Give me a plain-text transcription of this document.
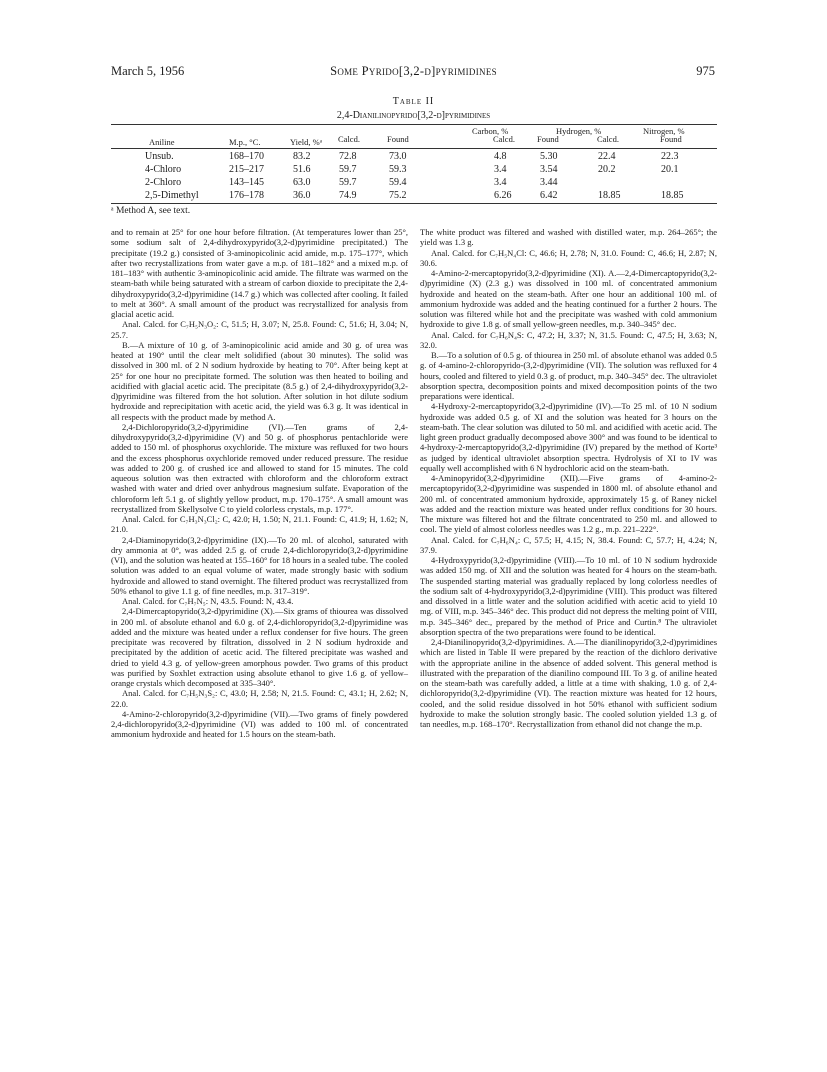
March 5, 1956	Some Pyrido[3,2-d]pyrimidines	975
Table II
2,4-Dianilinopyrido[3,2-d]pyrimidines
Carbon, %	Hydrogen, %	Nitrogen, %
Aniline	M.p., °C.	Yield, %ᵃ Calcd.	Found	Calcd.	Found	Calcd.	Found
Unsub.	168–170	83.2	72.8	73.0	4.8	5.30	22.4	22.3
4-Chloro	215–217	51.6	59.7	59.3	3.4	3.54	20.2	20.1
2-Chloro	143–145	63.0	59.7	59.4	3.4	3.44
2,5-Dimethyl	176–178	36.0	74.9	75.2	6.26	6.42	18.85	18.85
ᵃ Method A, see text.

and to remain at 25° for one hour before filtration. (At temperatures lower than 25°, some sodium salt of 2,4-dihydroxypyrido(3,2-d)pyrimidine precipitated.) The precipitate (19.2 g.) consisted of 3-aminopicolinic acid amide, m.p. 175–177°, which after two recrystallizations from water gave a m.p. of 181–182° and a mixed m.p. of 181–183° with authentic 3-aminopicolinic acid amide. The filtrate was warmed on the steam-bath while being saturated with a stream of carbon dioxide to precipitate the 2,4-dihydroxypyrido(3,2-d)pyrimidine (14.7 g.) which was collected after cooling. It failed to melt at 360°. A small amount of the product was recrystallized for analysis from glacial acetic acid.

Anal. Calcd. for C₇H₅N₃O₂: C, 51.5; H, 3.07; N, 25.8. Found: C, 51.6; H, 3.04; N, 25.7.

B.—A mixture of 10 g. of 3-aminopicolinic acid amide and 30 g. of urea was heated at 190° until the clear melt solidified (about 30 minutes). The solid was dissolved in 300 ml. of 2 N sodium hydroxide by heating to 70°. After being kept at 25° for one hour no precipitate formed. The solution was then heated to boiling and acidified with glacial acetic acid. The precipitate (8.5 g.) of 2,4-dihydroxypyrido(3,2-d)pyrimidine was filtered from the hot solution. After solution in hot dilute sodium hydroxide and reprecipitation with acetic acid, the yield was 6.3 g. It was identical in all respects with the product made by method A.

2,4-Dichloropyrido(3,2-d)pyrimidine (VI).—Ten grams of 2,4-dihydroxypyrido(3,2-d)pyrimidine (V) and 50 g. of phosphorus pentachloride were added to 150 ml. of phosphorus oxychloride. The mixture was refluxed for two hours and the excess phosphorus oxychloride removed under reduced pressure. The residue was added to 200 g. of crushed ice and allowed to stand for 15 minutes. The cold aqueous solution was then extracted with chloroform and the chloroform extract washed with water and dried over anhydrous magnesium sulfate. Evaporation of the chloroform left 5.1 g. of slightly yellow product, m.p. 170–175°. A small amount was recrystallized from Skellysolve C to yield colorless crystals, m.p. 177°.

Anal. Calcd. for C₇H₃N₃Cl₂: C, 42.0; H, 1.50; N, 21.1. Found: C, 41.9; H, 1.62; N, 21.0.

2,4-Diaminopyrido(3,2-d)pyrimidine (IX).—To 20 ml. of alcohol, saturated with dry ammonia at 0°, was added 2.5 g. of crude 2,4-dichloropyrido(3,2-d)pyrimidine (VI), and the solution was heated at 155–160° for 18 hours in a sealed tube. The cooled solution was added to an equal volume of water, made strongly basic with sodium hydroxide and allowed to stand overnight. The filtered product was recrystallized from 50% ethanol to give 1.1 g. of fine needles, m.p. 317–319°.

Anal. Calcd. for C₇H₇N₅: N, 43.5. Found: N, 43.4.

2,4-Dimercaptopyrido(3,2-d)pyrimidine (X).—Six grams of thiourea was dissolved in 200 ml. of absolute ethanol and 6.0 g. of 2,4-dichloropyrido(3,2-d)pyrimidine was added and the mixture was heated under a reflux condenser for five hours. The green precipitate was recovered by filtration, dissolved in 2 N sodium hydroxide and precipitated by the addition of acetic acid. The filtered precipitate was washed and dried to yield 4.3 g. of yellow-green amorphous powder. Two grams of this product was purified by Soxhlet extraction using absolute ethanol to give 1.6 g. of yellow–orange crystals which decomposed at 335–340°.

Anal. Calcd. for C₇H₅N₃S₂: C, 43.0; H, 2.58; N, 21.5. Found: C, 43.1; H, 2.62; N, 22.0.

4-Amino-2-chloropyrido(3,2-d)pyrimidine (VII).—Two grams of finely powdered 2,4-dichloropyrido(3,2-d)pyrimidine (VI) was added to 100 ml. of concentrated ammonium hydroxide and heated for 1.5 hours on the steam-bath.

The white product was filtered and washed with distilled water, m.p. 264–265°; the yield was 1.3 g.

Anal. Calcd. for C₇H₅N₄Cl: C, 46.6; H, 2.78; N, 31.0. Found: C, 46.6; H, 2.87; N, 30.6.

4-Amino-2-mercaptopyrido(3,2-d)pyrimidine (XI). A.—2,4-Dimercaptopyrido(3,2-d)pyrimidine (X) (2.3 g.) was dissolved in 100 ml. of concentrated ammonium hydroxide and heated on the steam-bath. After one hour an additional 100 ml. of ammonium hydroxide was added and the heating continued for a further 2 hours. The solution was filtered while hot and the precipitate was washed with cold ammonium hydroxide to give 1.8 g. of small yellow-green needles, m.p. 340–345° dec.

Anal. Calcd. for C₇H₆N₄S: C, 47.2; H, 3.37; N, 31.5. Found: C, 47.5; H, 3.63; N, 32.0.

B.—To a solution of 0.5 g. of thiourea in 250 ml. of absolute ethanol was added 0.5 g. of 4-amino-2-chloropyrido-(3,2-d)pyrimidine (VII). The solution was refluxed for 4 hours, cooled and filtered to yield 0.3 g. of product, m.p. 340–345° dec. The ultraviolet absorption spectra, decomposition points and mixed decomposition points of the two preparations were identical.

4-Hydroxy-2-mercaptopyrido(3,2-d)pyrimidine (IV).—To 25 ml. of 10 N sodium hydroxide was added 0.5 g. of XI and the solution was heated for 3 hours on the steam-bath. The clear solution was diluted to 50 ml. and acidified with acetic acid. The light green product gradually decomposed above 300° and was found to be identical to 4-hydroxy-2-mercaptopyrido(3,2-d)pyrimidine (IV) prepared by the method of Korte³ as judged by identical ultraviolet absorption spectra. Hydrolysis of XI to IV was equally well accomplished with 6 N hydrochloric acid on the steam-bath.

4-Aminopyrido(3,2-d)pyrimidine (XII).—Five grams of 4-amino-2-mercaptopyrido(3,2-d)pyrimidine was suspended in 1800 ml. of absolute ethanol and 200 ml. of concentrated ammonium hydroxide, approximately 15 g. of Raney nickel was added and the reaction mixture was heated under reflux conditions for 30 hours. The mixture was filtered hot and the filtrate concentrated to 250 ml. and allowed to cool. The yield of almost colorless needles was 1.2 g., m.p. 221–222°.

Anal. Calcd. for C₇H₆N₄: C, 57.5; H, 4.15; N, 38.4. Found: C, 57.7; H, 4.24; N, 37.9.

4-Hydroxypyrido(3,2-d)pyrimidine (VIII).—To 10 ml. of 10 N sodium hydroxide was added 150 mg. of XII and the solution was heated for 4 hours on the steam-bath. The suspended starting material was gradually replaced by long colorless needles of the sodium salt of 4-hydroxypyrido(3,2-d)pyrimidine (VIII). This product was filtered and dissolved in a little water and the solution acidified with acetic acid to yield 10 mg. of VIII, m.p. 345–346° dec. This product did not depress the melting point of VIII, m.p. 345–346° dec., prepared by the method of Price and Curtin.⁸ The ultraviolet absorption spectra of the two preparations were found to be identical.

2,4-Dianilinopyrido(3,2-d)pyrimidines. A.—The dianilinopyrido(3,2-d)pyrimidines which are listed in Table II were prepared by the reaction of the dichloro derivative with the appropriate aniline in the absence of added solvent. This general method is illustrated with the preparation of the dianilino compound III. To 3 g. of aniline heated on the steam-bath was carefully added, a little at a time with shaking, 1.0 g. of 2,4-dichloropyrido(3,2-d)pyrimidine (VI). The reaction mixture was heated for 12 hours, cooled, and the solid residue dissolved in hot 50% ethanol with sufficient sodium hydroxide to make the solution strongly basic. The cooled solution yielded 1.3 g. of tan needles, m.p. 168–170°. Recrystallization from ethanol did not change the m.p.
